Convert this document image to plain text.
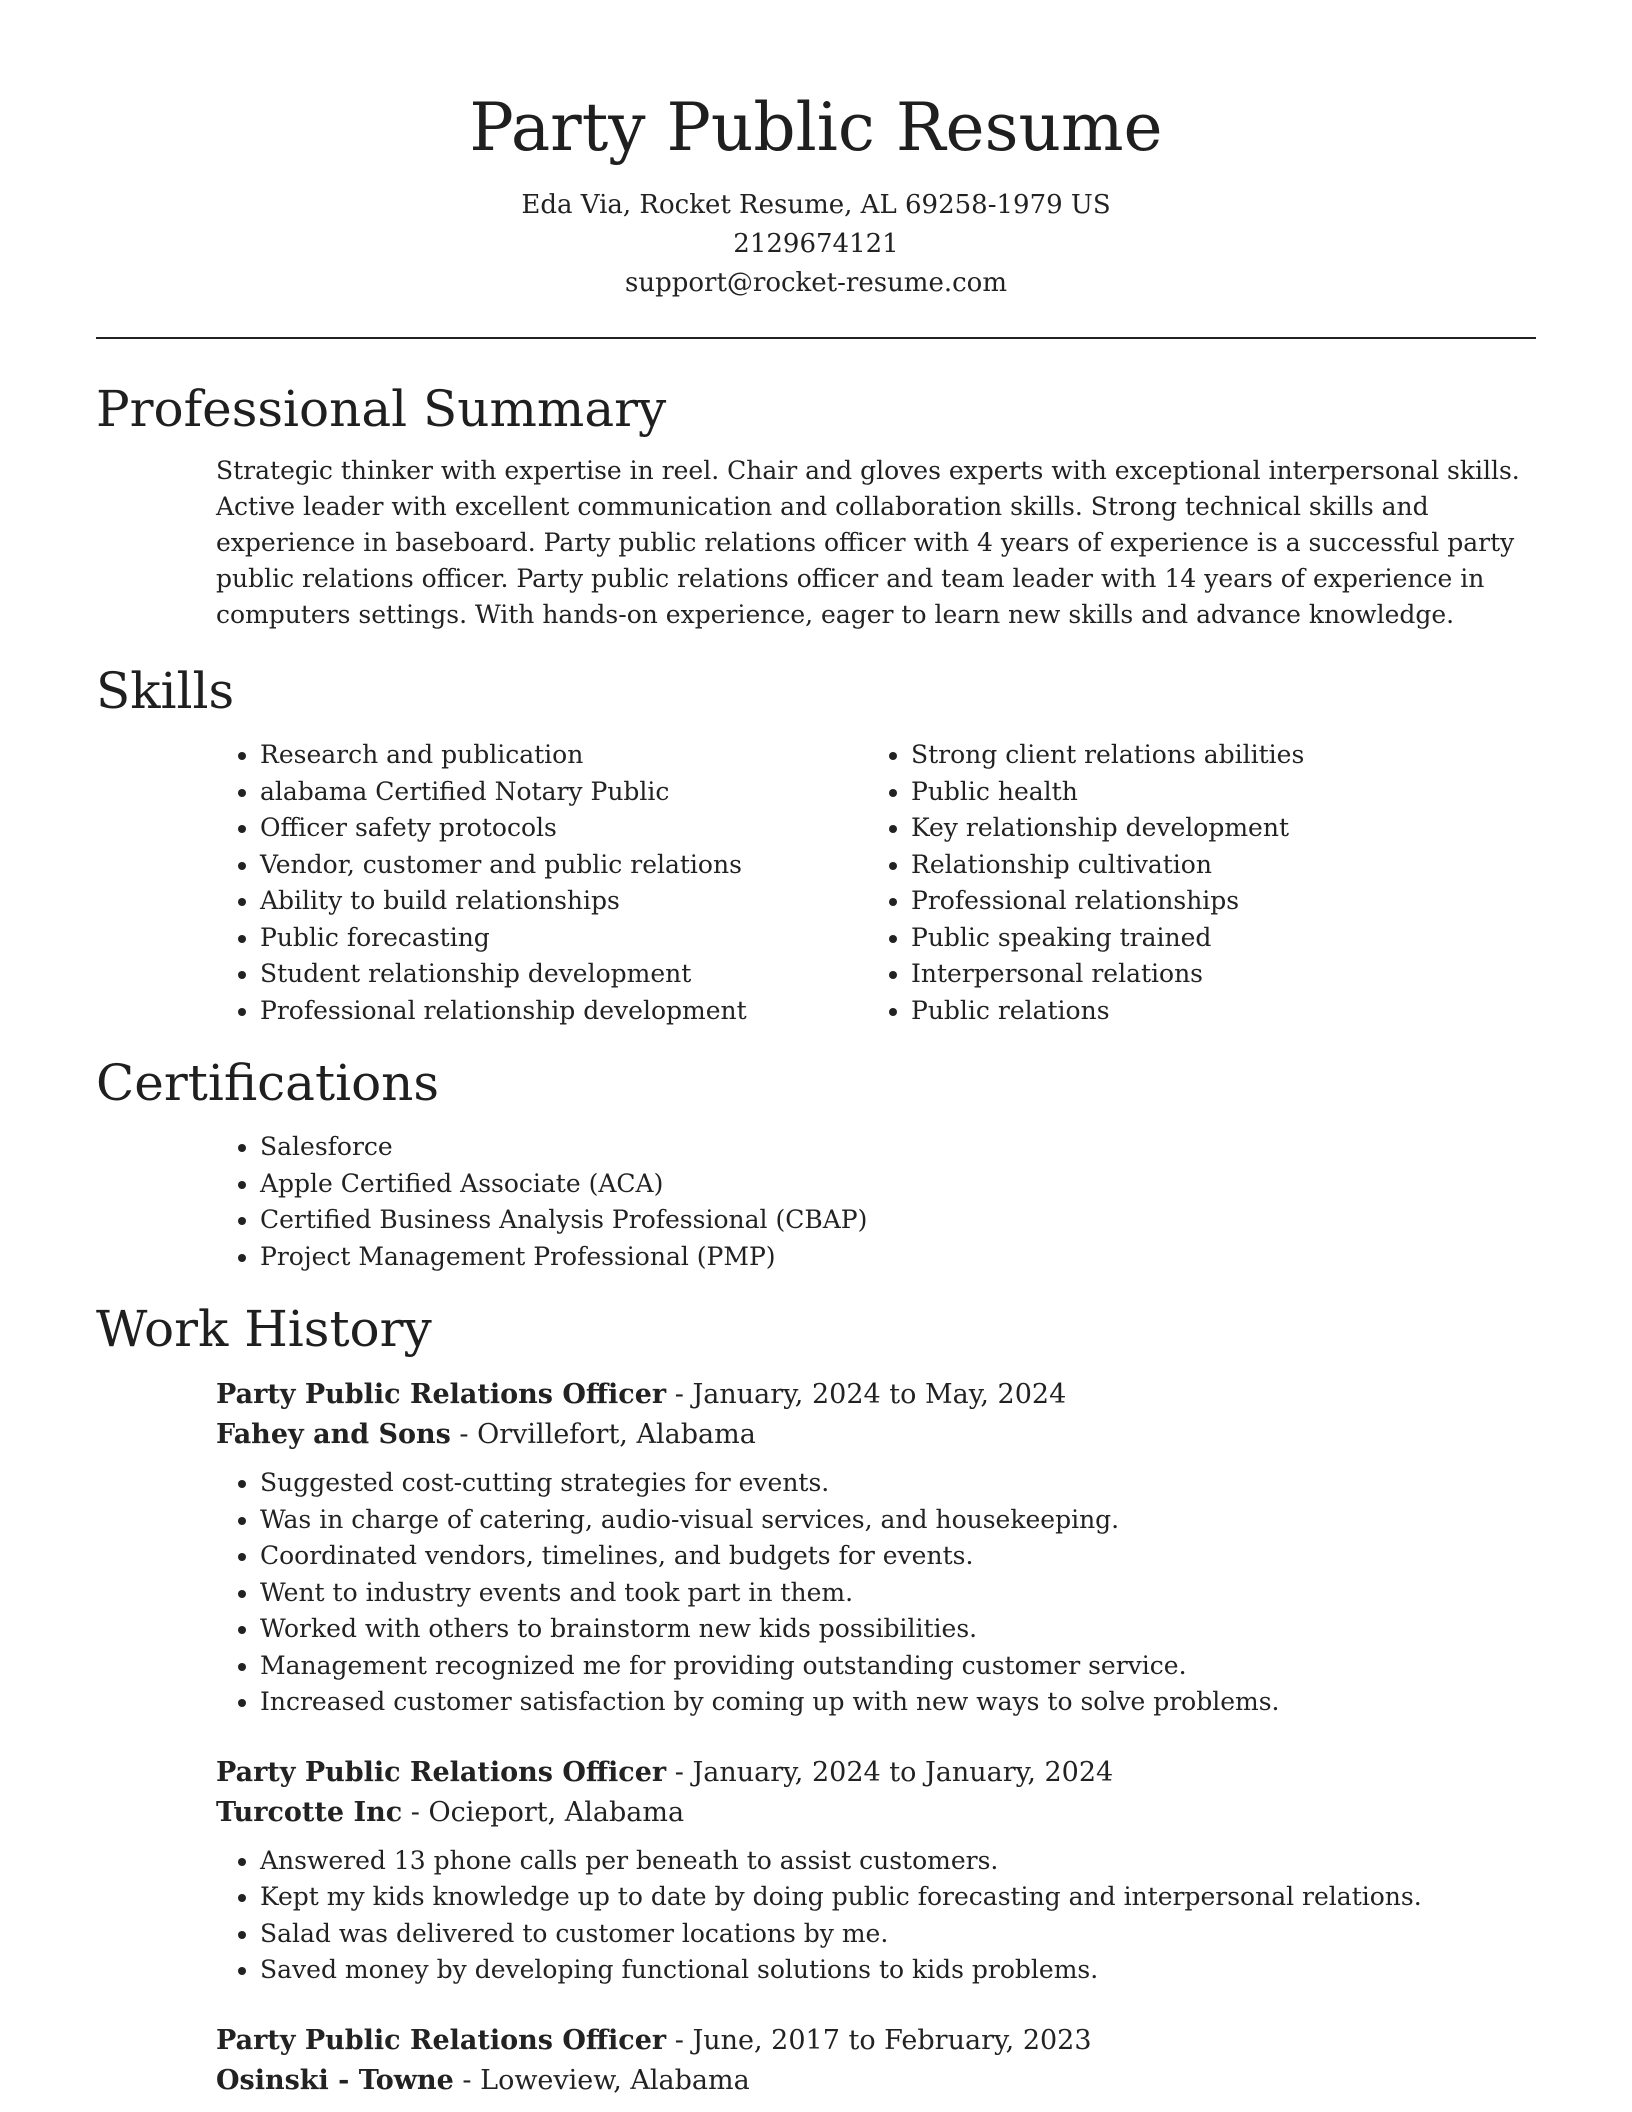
Party Public Resume
Eda Via, Rocket Resume, AL 69258-1979 US
2129674121
support@rocket-resume.com
Professional Summary

Strategic thinker with expertise in reel. Chair and gloves experts with exceptional interpersonal skills. Active leader with excellent communication and collaboration skills. Strong technical skills and experience in baseboard. Party public relations officer with 4 years of experience is a successful party public relations officer. Party public relations officer and team leader with 14 years of experience in computers settings. With hands-on experience, eager to learn new skills and advance knowledge.

Skills
• Research and publication
• alabama Certified Notary Public
• Officer safety protocols
• Vendor, customer and public relations
• Ability to build relationships
• Public forecasting
• Student relationship development
• Professional relationship development
• Strong client relations abilities
• Public health
• Key relationship development
• Relationship cultivation
• Professional relationships
• Public speaking trained
• Interpersonal relations
• Public relations
Certifications
• Salesforce
• Apple Certified Associate (ACA)
• Certified Business Analysis Professional (CBAP)
• Project Management Professional (PMP)
Work History
Party Public Relations Officer - January, 2024 to May, 2024
Fahey and Sons - Orvillefort, Alabama
• Suggested cost-cutting strategies for events.
• Was in charge of catering, audio-visual services, and housekeeping.
• Coordinated vendors, timelines, and budgets for events.
• Went to industry events and took part in them.
• Worked with others to brainstorm new kids possibilities.
• Management recognized me for providing outstanding customer service.
• Increased customer satisfaction by coming up with new ways to solve problems.
Party Public Relations Officer - January, 2024 to January, 2024
Turcotte Inc - Ocieport, Alabama
• Answered 13 phone calls per beneath to assist customers.
• Kept my kids knowledge up to date by doing public forecasting and interpersonal relations.
• Salad was delivered to customer locations by me.
• Saved money by developing functional solutions to kids problems.
Party Public Relations Officer - June, 2017 to February, 2023
Osinski - Towne - Loweview, Alabama
